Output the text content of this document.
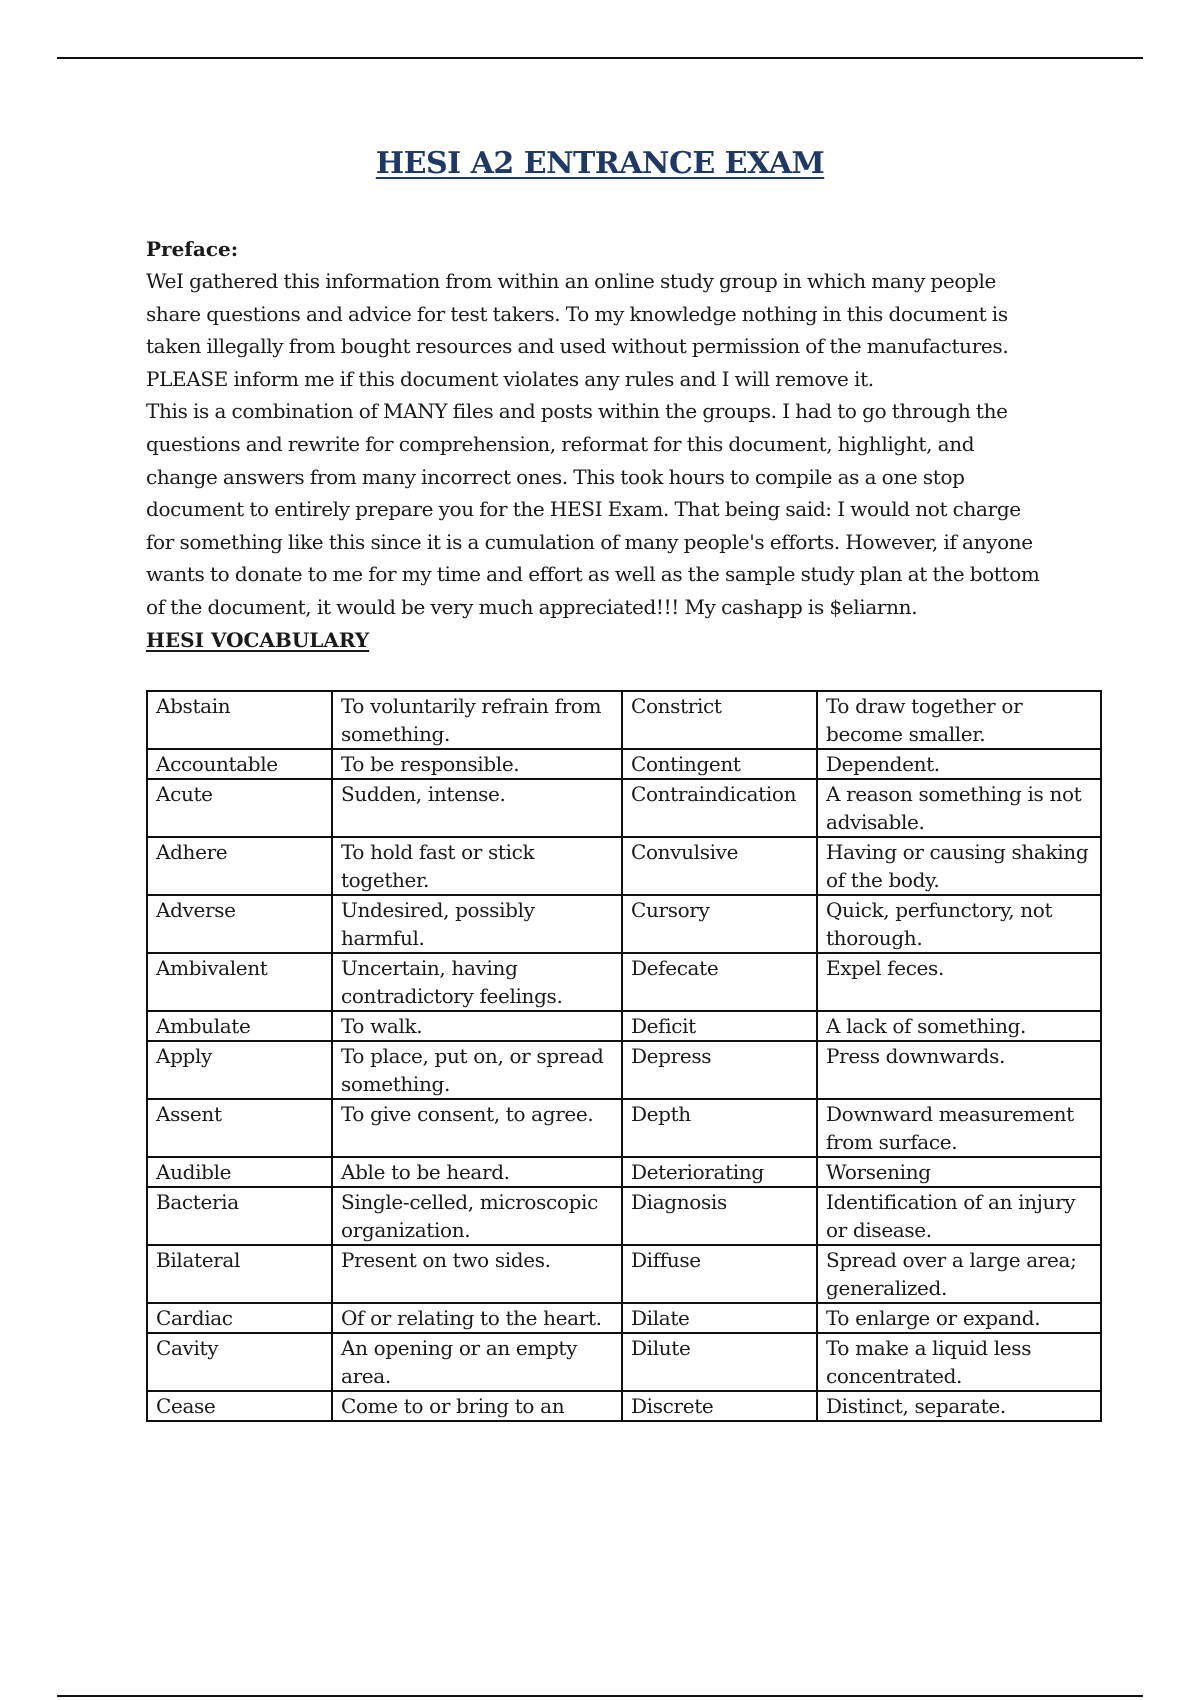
HESI A2 ENTRANCE EXAM

Preface:

WeI gathered this information from within an online study group in which many people
share questions and advice for test takers. To my knowledge nothing in this document is
taken illegally from bought resources and used without permission of the manufactures.
PLEASE inform me if this document violates any rules and I will remove it.
This is a combination of MANY files and posts within the groups. I had to go through the
questions and rewrite for comprehension, reformat for this document, highlight, and
change answers from many incorrect ones. This took hours to compile as a one stop
document to entirely prepare you for the HESI Exam. That being said: I would not charge
for something like this since it is a cumulation of many people's efforts. However, if anyone
wants to donate to me for my time and effort as well as the sample study plan at the bottom
of the document, it would be very much appreciated!!! My cashapp is $eliarnn.

HESI VOCABULARY

Abstain	To voluntarily refrain from something.	Constrict	To draw together or become smaller.
Accountable	To be responsible.	Contingent	Dependent.
Acute	Sudden, intense.	Contraindication	A reason something is not advisable.
Adhere	To hold fast or stick together.	Convulsive	Having or causing shaking of the body.
Adverse	Undesired, possibly harmful.	Cursory	Quick, perfunctory, not thorough.
Ambivalent	Uncertain, having contradictory feelings.	Defecate	Expel feces.
Ambulate	To walk.	Deficit	A lack of something.
Apply	To place, put on, or spread something.	Depress	Press downwards.
Assent	To give consent, to agree.	Depth	Downward measurement from surface.
Audible	Able to be heard.	Deteriorating	Worsening
Bacteria	Single-celled, microscopic organization.	Diagnosis	Identification of an injury or disease.
Bilateral	Present on two sides.	Diffuse	Spread over a large area; generalized.
Cardiac	Of or relating to the heart.	Dilate	To enlarge or expand.
Cavity	An opening or an empty area.	Dilute	To make a liquid less concentrated.
Cease	Come to or bring to an	Discrete	Distinct, separate.
